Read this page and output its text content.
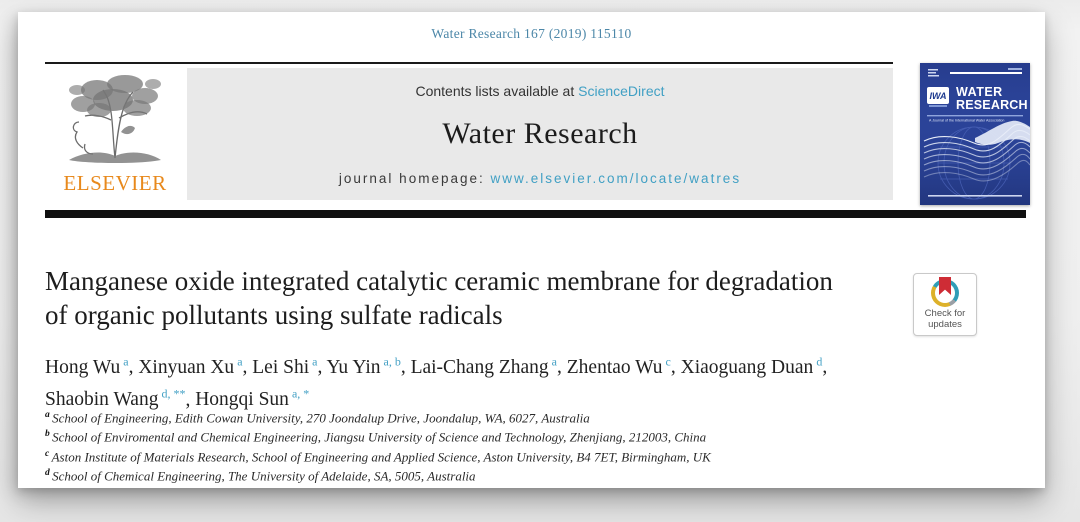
Water Research 167 (2019) 115110
ELSEVIER
Contents lists available at ScienceDirect
Water Research
journal homepage: www.elsevier.com/locate/watres
IWA WATER
RESEARCH
A Journal of the International Water Association
Manganese oxide integrated catalytic ceramic membrane for degradation of organic pollutants using sulfate radicals	Check for
updates
Hong Wu $^a$, Xinyuan Xu $^a$, Lei Shi $^a$, Yu Yin $^{a, b}$, Lai-Chang Zhang $^a$, Zhentao Wu $^c$, Xiaoguang Duan $^d$, Shaobin Wang $^{d, **}$, Hongqi Sun $^{a, *}$
$^a$ School of Engineering, Edith Cowan University, 270 Joondalup Drive, Joondalup, WA, 6027, Australia
$^b$ School of Enviromental and Chemical Engineering, Jiangsu University of Science and Technology, Zhenjiang, 212003, China
$^c$ Aston Institute of Materials Research, School of Engineering and Applied Science, Aston University, B4 7ET, Birmingham, UK
$^d$ School of Chemical Engineering, The University of Adelaide, SA, 5005, Australia
